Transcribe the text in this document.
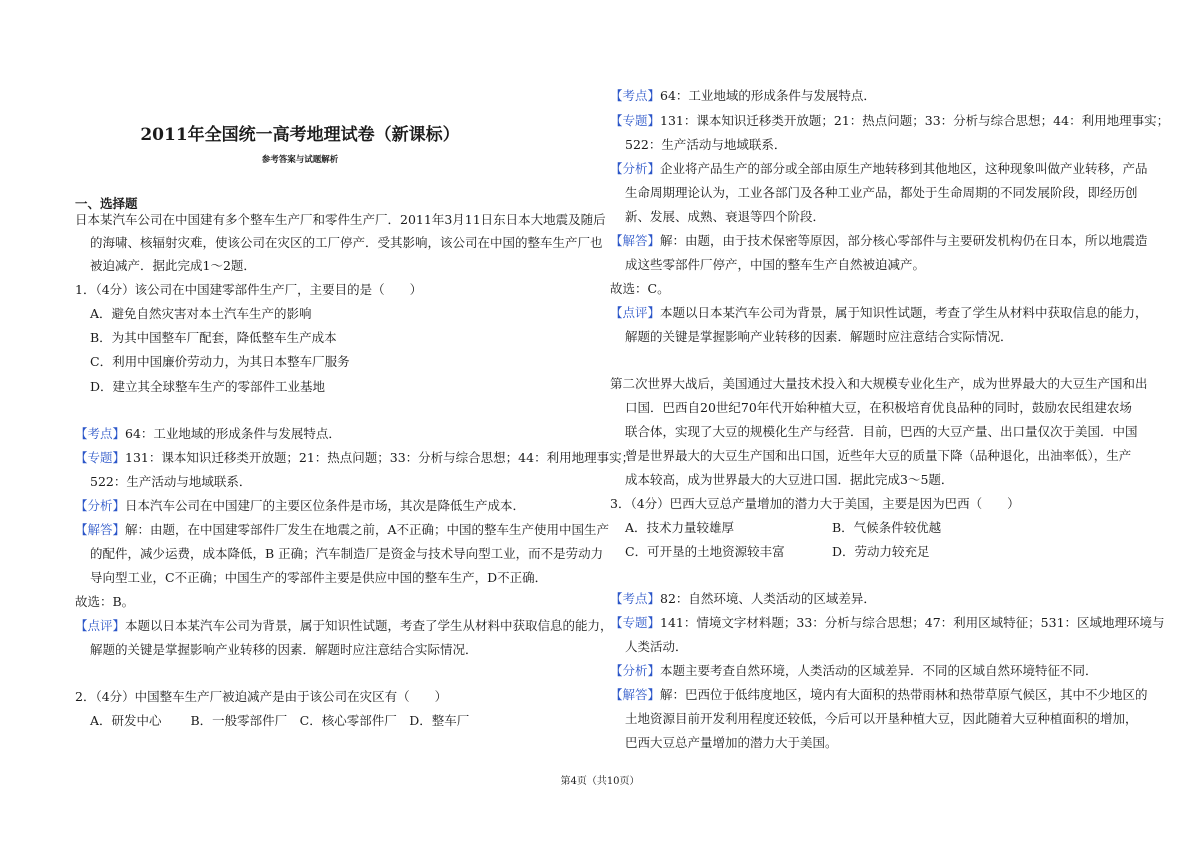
2011年全国统一高考地理试卷（新课标）
参考答案与试题解析
一、选择题
日本某汽车公司在中国建有多个整车生产厂和零件生产厂．2011年3月11日东日本大地震及随后
的海啸、核辐射灾难，使该公司在灾区的工厂停产．受其影响，该公司在中国的整车生产厂也
被迫减产．据此完成1～2题．
1．（4分）该公司在中国建零部件生产厂，主要目的是（　　）
A．避免自然灾害对本土汽车生产的影响
B．为其中国整车厂配套，降低整车生产成本
C．利用中国廉价劳动力，为其日本整车厂服务
D．建立其全球整车生产的零部件工业基地
【考点】64：工业地域的形成条件与发展特点．
【专题】131：课本知识迁移类开放题；21：热点问题；33：分析与综合思想；44：利用地理事实；
522：生产活动与地域联系．
【分析】日本汽车公司在中国建厂的主要区位条件是市场，其次是降低生产成本．
【解答】解：由题，在中国建零部件厂发生在地震之前，A不正确；中国的整车生产使用中国生产
的配件，减少运费，成本降低，B 正确；汽车制造厂是资金与技术导向型工业，而不是劳动力
导向型工业，C不正确；中国生产的零部件主要是供应中国的整车生产，D不正确．
故选：B。
【点评】本题以日本某汽车公司为背景，属于知识性试题，考查了学生从材料中获取信息的能力，
解题的关键是掌握影响产业转移的因素．解题时应注意结合实际情况．
2．（4分）中国整车生产厂被迫减产是由于该公司在灾区有（　　）
A．研发中心　　 B．一般零部件厂　C．核心零部件厂　D．整车厂
【考点】64：工业地域的形成条件与发展特点．
【专题】131：课本知识迁移类开放题；21：热点问题；33：分析与综合思想；44：利用地理事实；
522：生产活动与地域联系．
【分析】企业将产品生产的部分或全部由原生产地转移到其他地区，这种现象叫做产业转移，产品
生命周期理论认为，工业各部门及各种工业产品，都处于生命周期的不同发展阶段，即经历创
新、发展、成熟、衰退等四个阶段．
【解答】解：由题，由于技术保密等原因，部分核心零部件与主要研发机构仍在日本，所以地震造
成这些零部件厂停产，中国的整车生产自然被迫减产。
故选：C。
【点评】本题以日本某汽车公司为背景，属于知识性试题，考查了学生从材料中获取信息的能力，
解题的关键是掌握影响产业转移的因素．解题时应注意结合实际情况．
第二次世界大战后，美国通过大量技术投入和大规模专业化生产，成为世界最大的大豆生产国和出
口国．巴西自20世纪70年代开始种植大豆，在积极培育优良品种的同时，鼓励农民组建农场
联合体，实现了大豆的规模化生产与经营．目前，巴西的大豆产量、出口量仅次于美国．中国
曾是世界最大的大豆生产国和出口国，近些年大豆的质量下降（品种退化，出油率低），生产
成本较高，成为世界最大的大豆进口国．据此完成3～5题．
3．（4分）巴西大豆总产量增加的潜力大于美国，主要是因为巴西（　　）
A．技术力量较雄厚	B．气候条件较优越
C．可开垦的土地资源较丰富	D．劳动力较充足
【考点】82：自然环境、人类活动的区域差异．
【专题】141：情境文字材料题；33：分析与综合思想；47：利用区域特征；531：区域地理环境与
人类活动．
【分析】本题主要考查自然环境，人类活动的区域差异．不同的区域自然环境特征不同．
【解答】解：巴西位于低纬度地区，境内有大面积的热带雨林和热带草原气候区，其中不少地区的
土地资源目前开发利用程度还较低，今后可以开垦种植大豆，因此随着大豆种植面积的增加，
巴西大豆总产量增加的潜力大于美国。
第4页（共10页）
